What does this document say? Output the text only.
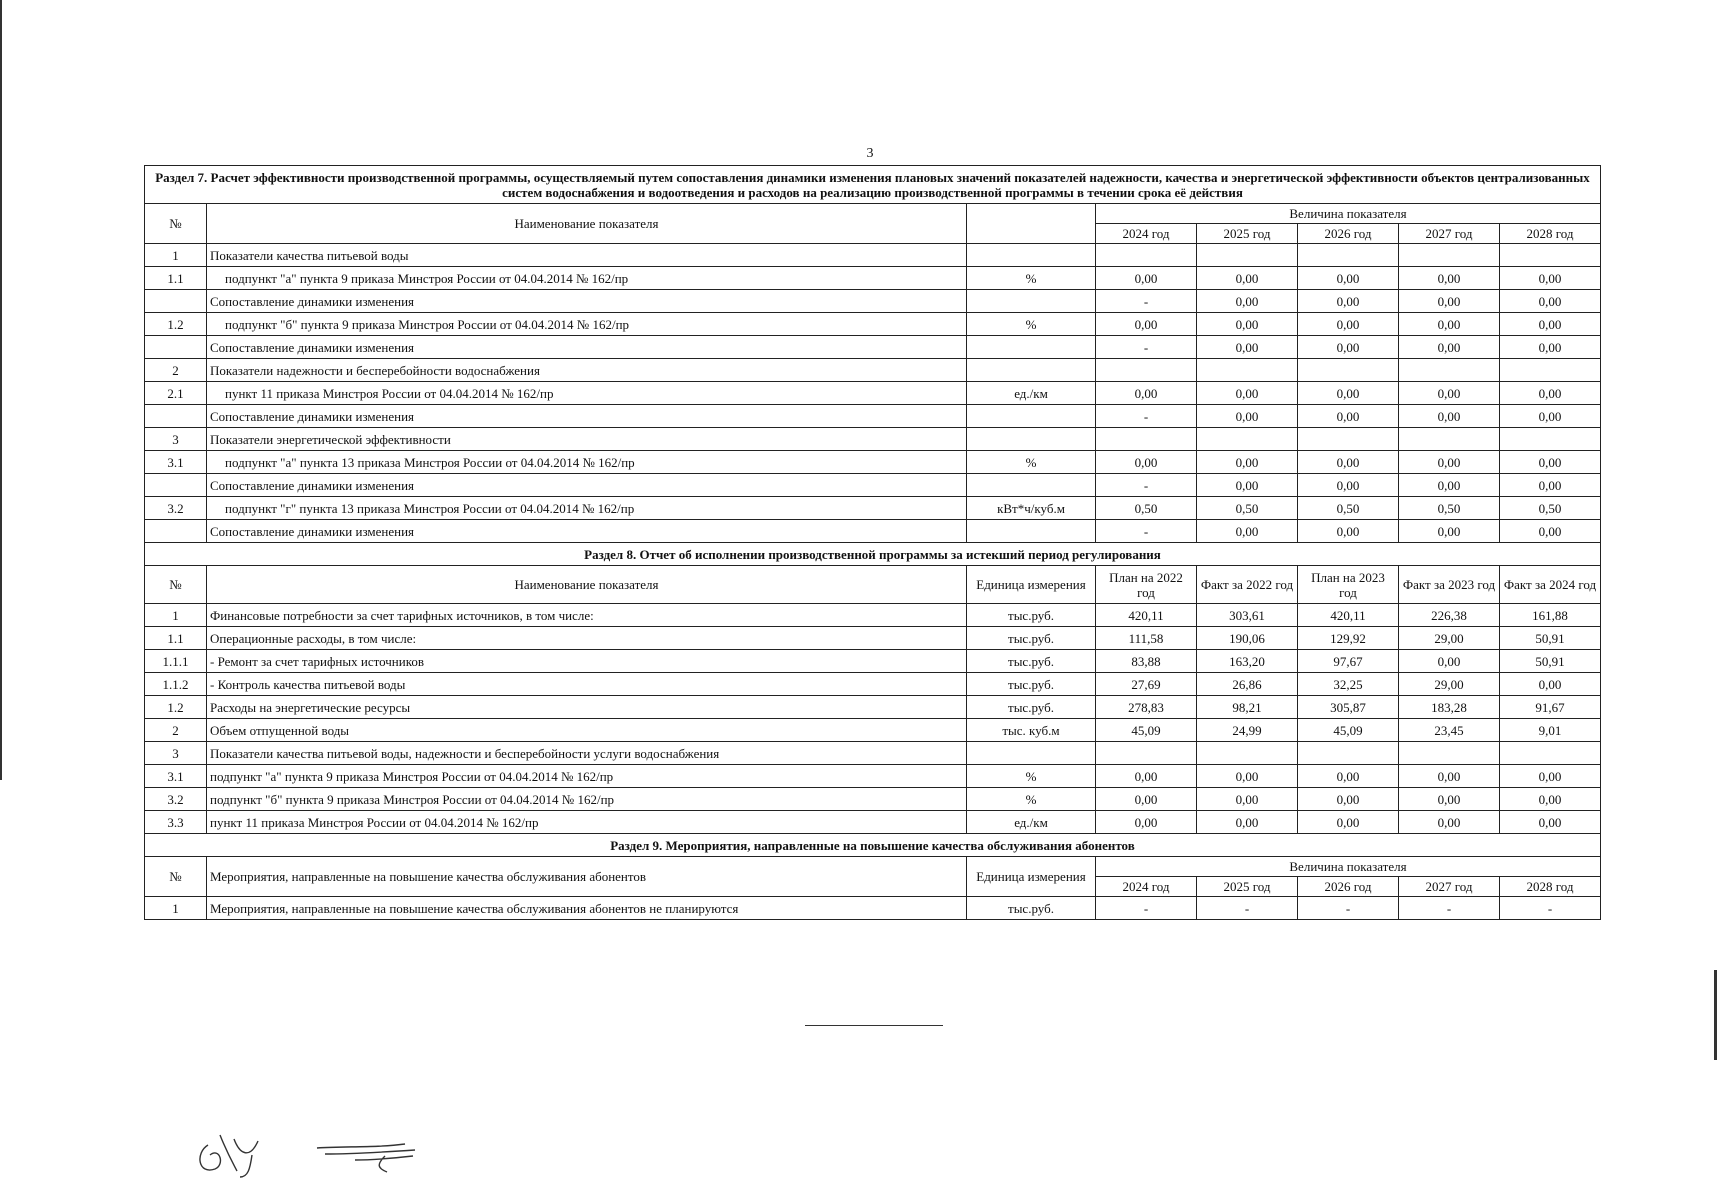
3
Раздел 7. Расчет эффективности производственной программы, осуществляемый путем сопоставления динамики изменения плановых значений показателей надежности, качества и энергетической эффективности объектов централизованных систем водоснабжения и водоотведения и расходов на реализацию производственной программы в течении срока её действия							
№	Наименование показателя		Величина показателя				
			2024 год	2025 год	2026 год	2027 год	2028 год
1	Показатели качества питьевой воды						
1.1	подпункт "а" пункта 9 приказа Минстроя России от 04.04.2014 № 162/пр	%	0,00	0,00	0,00	0,00	0,00
	Сопоставление динамики изменения		-	0,00	0,00	0,00	0,00
1.2	подпункт "б" пункта 9 приказа Минстроя России от 04.04.2014 № 162/пр	%	0,00	0,00	0,00	0,00	0,00
	Сопоставление динамики изменения		-	0,00	0,00	0,00	0,00
2	Показатели надежности и бесперебойности водоснабжения						
2.1	пункт 11 приказа Минстроя России от 04.04.2014 № 162/пр	ед./км	0,00	0,00	0,00	0,00	0,00
	Сопоставление динамики изменения		-	0,00	0,00	0,00	0,00
3	Показатели энергетической эффективности						
3.1	подпункт "а" пункта 13 приказа Минстроя России от 04.04.2014 № 162/пр	%	0,00	0,00	0,00	0,00	0,00
	Сопоставление динамики изменения		-	0,00	0,00	0,00	0,00
3.2	подпункт "г" пункта 13 приказа Минстроя России от 04.04.2014 № 162/пр	кВт*ч/куб.м	0,50	0,50	0,50	0,50	0,50
	Сопоставление динамики изменения		-	0,00	0,00	0,00	0,00
Раздел 8. Отчет об исполнении производственной программы за истекший период регулирования							
№	Наименование показателя	Единица измерения	План на 2022 год	Факт за 2022 год	План на 2023 год	Факт за 2023 год	Факт за 2024 год
1	Финансовые потребности за счет тарифных источников, в том числе:	тыс.руб.	420,11	303,61	420,11	226,38	161,88
1.1	Операционные расходы, в том числе:	тыс.руб.	111,58	190,06	129,92	29,00	50,91
1.1.1	- Ремонт за счет тарифных источников	тыс.руб.	83,88	163,20	97,67	0,00	50,91
1.1.2	- Контроль качества питьевой воды	тыс.руб.	27,69	26,86	32,25	29,00	0,00
1.2	Расходы на энергетические ресурсы	тыс.руб.	278,83	98,21	305,87	183,28	91,67
2	Объем отпущенной воды	тыс. куб.м	45,09	24,99	45,09	23,45	9,01
3	Показатели качества питьевой воды, надежности и бесперебойности услуги водоснабжения						
3.1	подпункт "а" пункта 9 приказа Минстроя России от 04.04.2014 № 162/пр	%	0,00	0,00	0,00	0,00	0,00
3.2	подпункт "б" пункта 9 приказа Минстроя России от 04.04.2014 № 162/пр	%	0,00	0,00	0,00	0,00	0,00
3.3	пункт 11 приказа Минстроя России от 04.04.2014 № 162/пр	ед./км	0,00	0,00	0,00	0,00	0,00
Раздел 9. Мероприятия, направленные на повышение качества обслуживания абонентов							
№	Мероприятия, направленные на повышение качества обслуживания абонентов	Единица измерения	Величина показателя				
			2024 год	2025 год	2026 год	2027 год	2028 год
1	Мероприятия, направленные на повышение качества обслуживания абонентов не планируются	тыс.руб.	-	-	-	-	-
